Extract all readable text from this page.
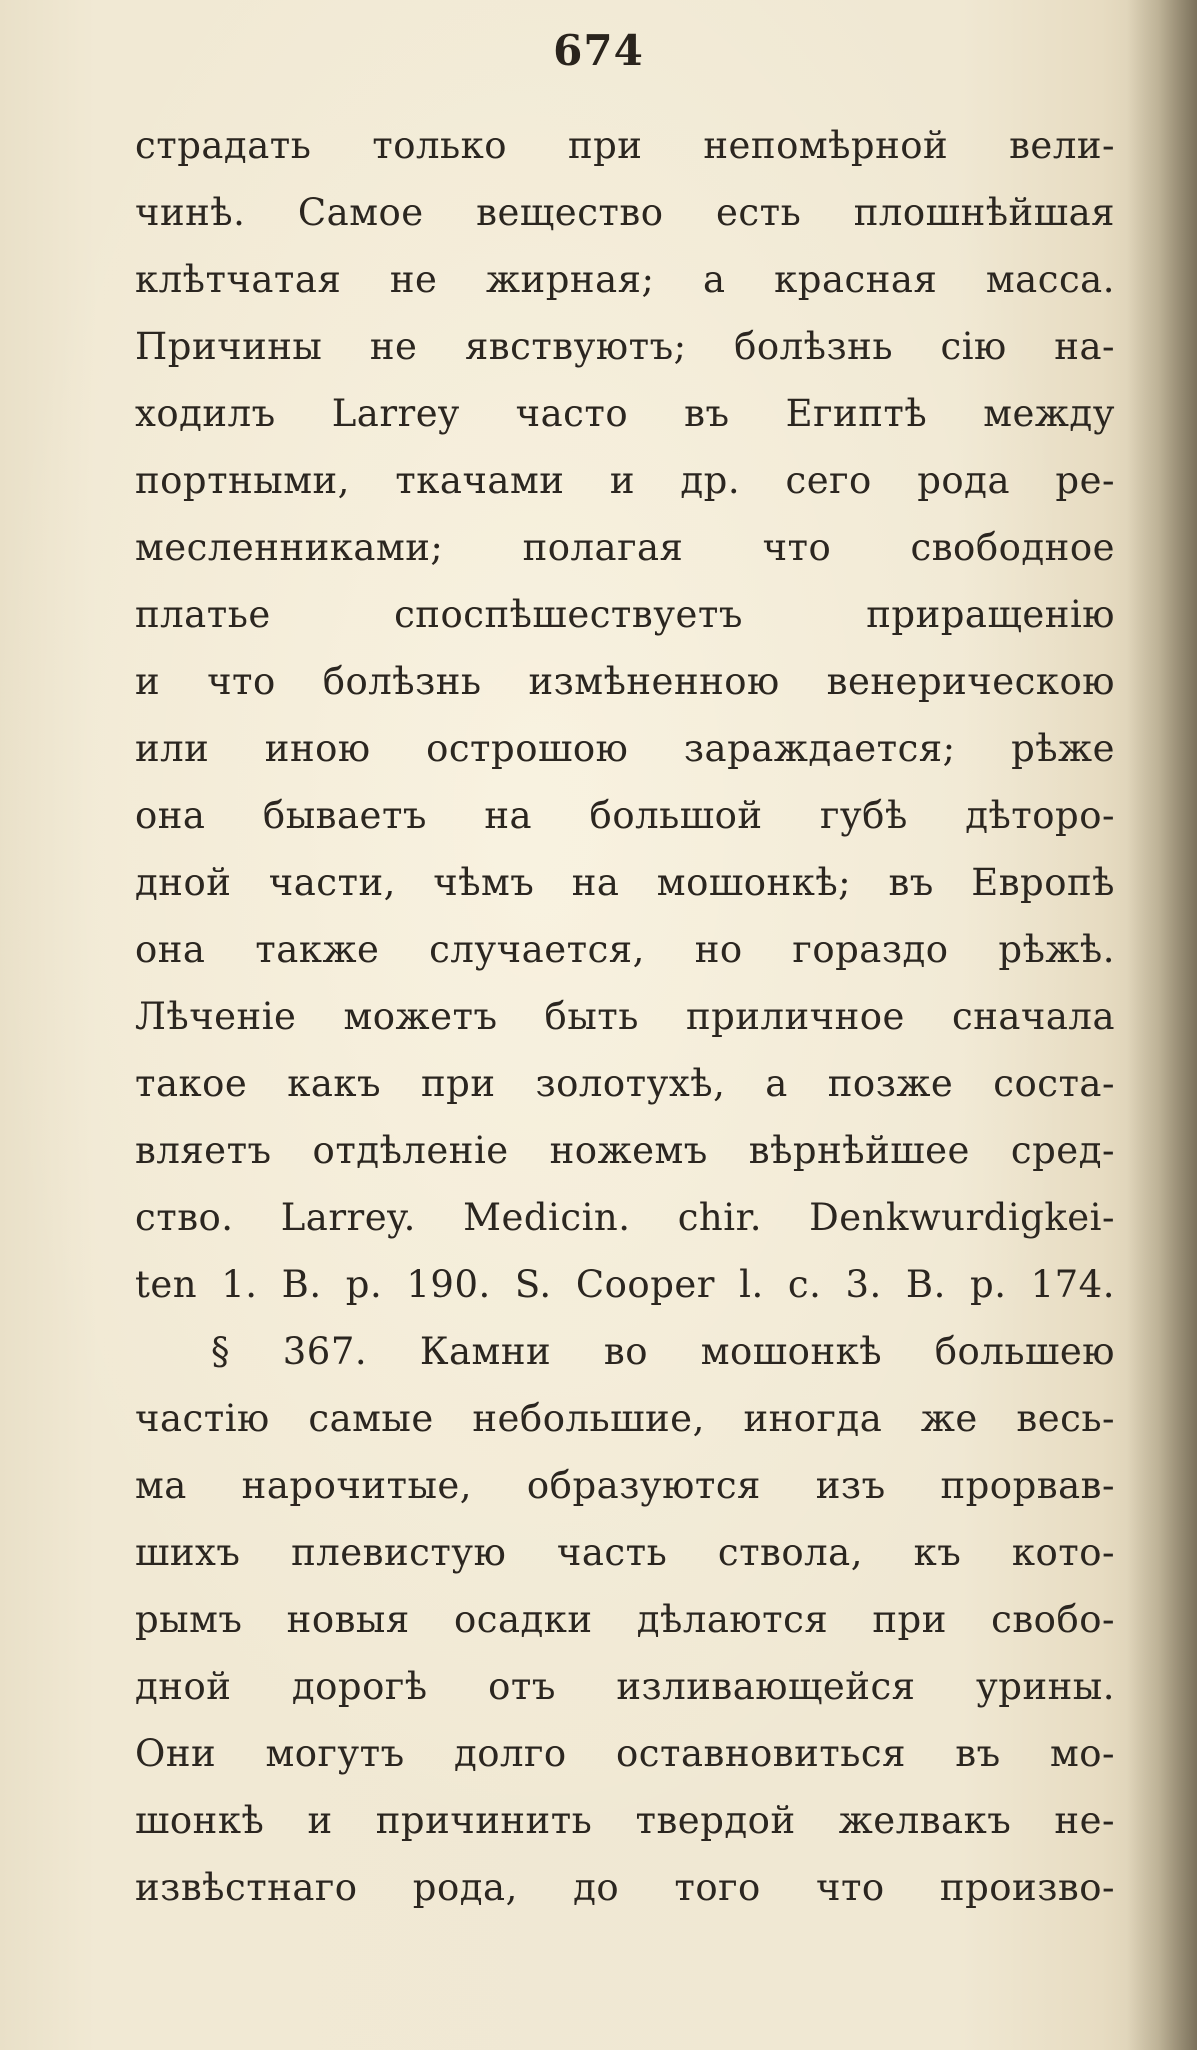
674
страдать только при непомѣрной вели-
чинѣ. Самое вещество есть плошнѣйшая
клѣтчатая не жирная; а красная масса.
Причины не явствуютъ; болѣзнь сію на-
ходилъ Larrey часто въ Египтѣ между
портными, ткачами и др. сего рода ре-
месленниками; полагая что свободное
платье споспѣшествуетъ приращенію
и что болѣзнь измѣненною венерическою
или иною острошою зараждается; рѣже
она бываетъ на большой губѣ дѣторо-
дной части, чѣмъ на мошонкѣ; въ Европѣ
она также случается, но гораздо рѣжѣ.
Лѣченіе можетъ быть приличное сначала
такое какъ при золотухѣ, а позже соста-
вляетъ отдѣленіе ножемъ вѣрнѣйшее сред-
ство. Larrey. Medicin. chir. Denkwurdigkei-
ten 1. B. p. 190. S. Cooper l. c. 3. B. p. 174.
§ 367. Камни во мошонкѣ большею
частію самые небольшие, иногда же весь-
ма нарочитые, образуются изъ прорвав-
шихъ плевистую часть ствола, къ кото-
рымъ новыя осадки дѣлаются при свобо-
дной дорогѣ отъ изливающейся урины.
Они могутъ долго оставновиться въ мо-
шонкѣ и причинить твердой желвакъ не-
извѣстнаго рода, до того что произво-
